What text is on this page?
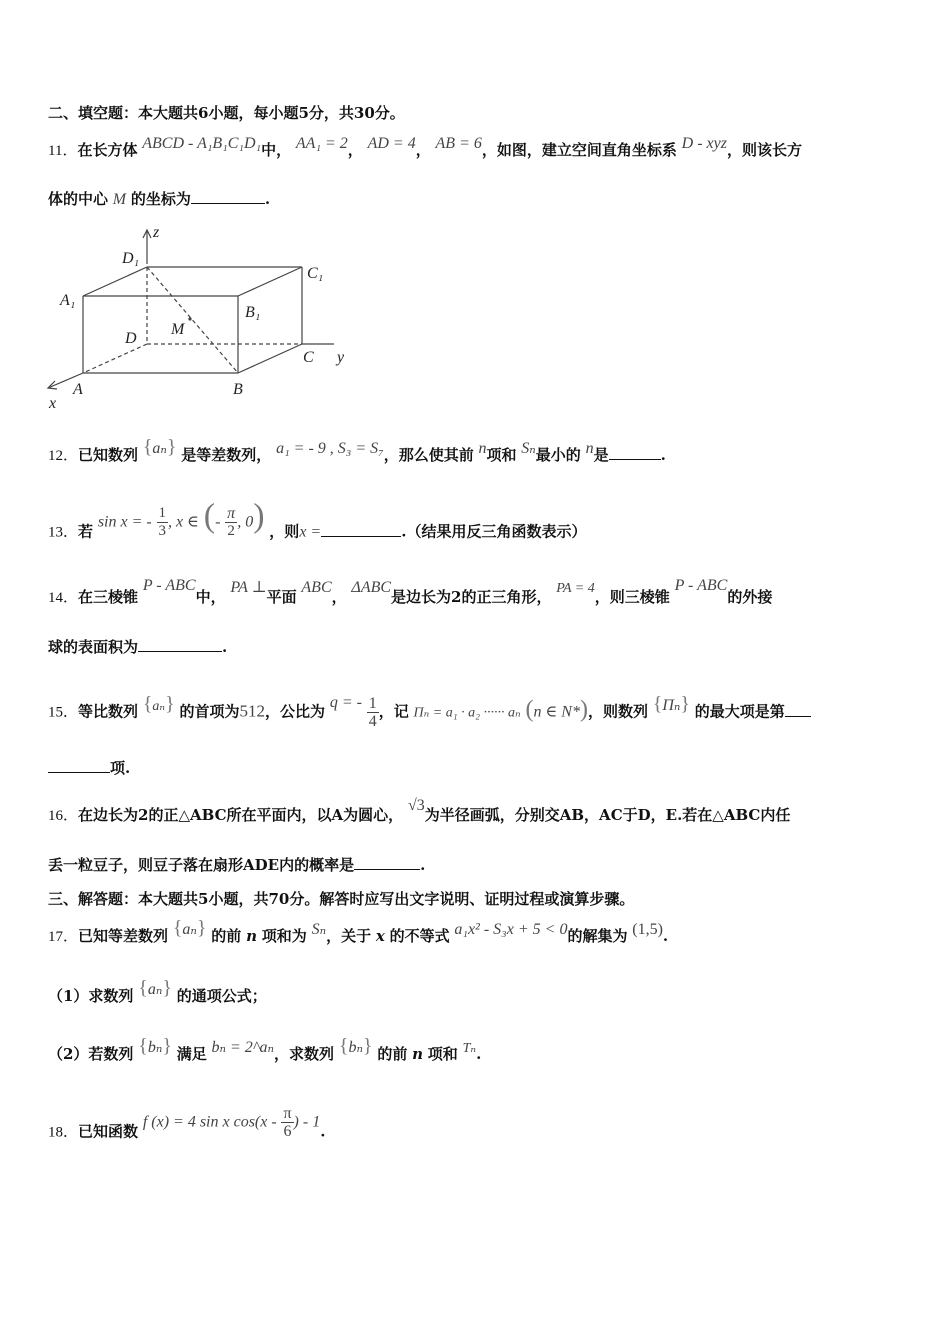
二、填空题：本大题共6小题，每小题5分，共30分。
11．在长方体 ABCD - A₁B₁C₁D₁中， AA₁ = 2， AD = 4， AB = 6，如图，建立空间直角坐标系 D - xyz，则该长方
体的中心 M 的坐标为	.
z
D₁
C₁
A₁
B₁
M
D
C y
A	B
x
12．已知数列 {aₙ} 是等差数列， a₁ = - 9 , S₃ = S₇，那么使其前 n项和 Sₙ最小的 n是	.
13．若 sin x = - $\frac{1}{3}$ , x ∈ (- $\frac{\pi}{2}$ , 0) ，则x =	.（结果用反三角函数表示）
14．在三棱锥 P - ABC中， PA ⊥平面 ABC， ΔABC是边长为2的正三角形， PA = 4，则三棱锥 P - ABC的外接
球的表面积为	.
15．等比数列 {aₙ} 的首项为512，公比为 q = - $\frac{1}{4}$ ，记 Πₙ = a₁ · a₂ ······ aₙ (n ∈ N*)，则数列 {Πₙ} 的最大项是第
项.
16．在边长为2的正△ABC所在平面内，以A为圆心， √3为半径画弧，分别交AB，AC于D，E.若在△ABC内任
丢一粒豆子，则豆子落在扇形ADE内的概率是	.
三、解答题：本大题共5小题，共70分。解答时应写出文字说明、证明过程或演算步骤。
17．已知等差数列 {aₙ} 的前 n 项和为 Sₙ，关于 x 的不等式 a₁x² - S₃x + 5 < 0的解集为 (1,5).
（1）求数列 {aₙ} 的通项公式；
（2）若数列 {bₙ} 满足 bₙ = 2^aₙ，求数列 {bₙ} 的前 n 项和 Tₙ.
18．已知函数 f (x) = 4 sin x $\cos(x - \frac{\pi}{6}$ ) - 1.
